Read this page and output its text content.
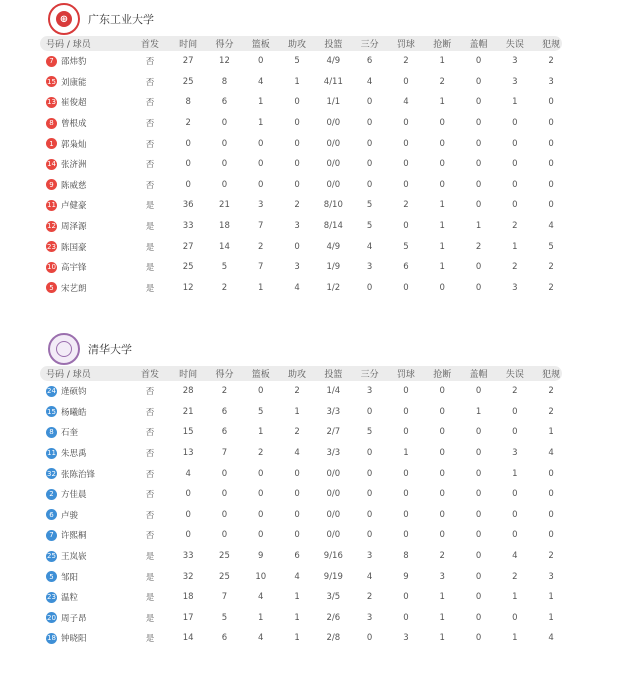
⊕	广东工业大学
号码 / 球员	首发	时间	得分	篮板	助攻	投篮	三分	罚球	抢断	盖帽	失误	犯规
7 邵炜豹	否	27	12	0	5	4/9	6	2	1	0	3	2
15 刘康能	否	25	8	4	1	4/11	4	0	2	0	3	3
13 崔俊超	否	8	6	1	0	1/1	0	4	1	0	1	0
8 曾根成	否	2	0	1	0	0/0	0	0	0	0	0	0
1 郭枭灿	否	0	0	0	0	0/0	0	0	0	0	0	0
14 张济洲	否	0	0	0	0	0/0	0	0	0	0	0	0
9 陈威慈	否	0	0	0	0	0/0	0	0	0	0	0	0
11 卢健豪	是	36	21	3	2	8/10	5	2	1	0	0	0
12 周泽源	是	33	18	7	3	8/14	5	0	1	1	2	4
23 陈国豪	是	27	14	2	0	4/9	4	5	1	2	1	5
10 高宇锋	是	25	5	7	3	1/9	3	6	1	0	2	2
5 宋艺朗	是	12	2	1	4	1/2	0	0	0	0	3	2
清华大学
号码 / 球员	首发	时间	得分	篮板	助攻	投篮	三分	罚球	抢断	盖帽	失误	犯规
24 逄硕钧	否	28	2	0	2	1/4	3	0	0	0	2	2
15 杨曦皓	否	21	6	5	1	3/3	0	0	0	1	0	2
8 石奎	否	15	6	1	2	2/7	5	0	0	0	0	1
11 朱思禹	否	13	7	2	4	3/3	0	1	0	0	3	4
32 张陈治锋	否	4	0	0	0	0/0	0	0	0	0	1	0
2 方佳晨	否	0	0	0	0	0/0	0	0	0	0	0	0
6 卢骏	否	0	0	0	0	0/0	0	0	0	0	0	0
7 许熙桐	否	0	0	0	0	0/0	0	0	0	0	0	0
25 王岚嵚	是	33	25	9	6	9/16	3	8	2	0	4	2
5 邹阳	是	32	25	10	4	9/19	4	9	3	0	2	3
23 温粒	是	18	7	4	1	3/5	2	0	1	0	1	1
20 周子昂	是	17	5	1	1	2/6	3	0	1	0	0	1
18 钟晓阳	是	14	6	4	1	2/8	0	3	1	0	1	4
